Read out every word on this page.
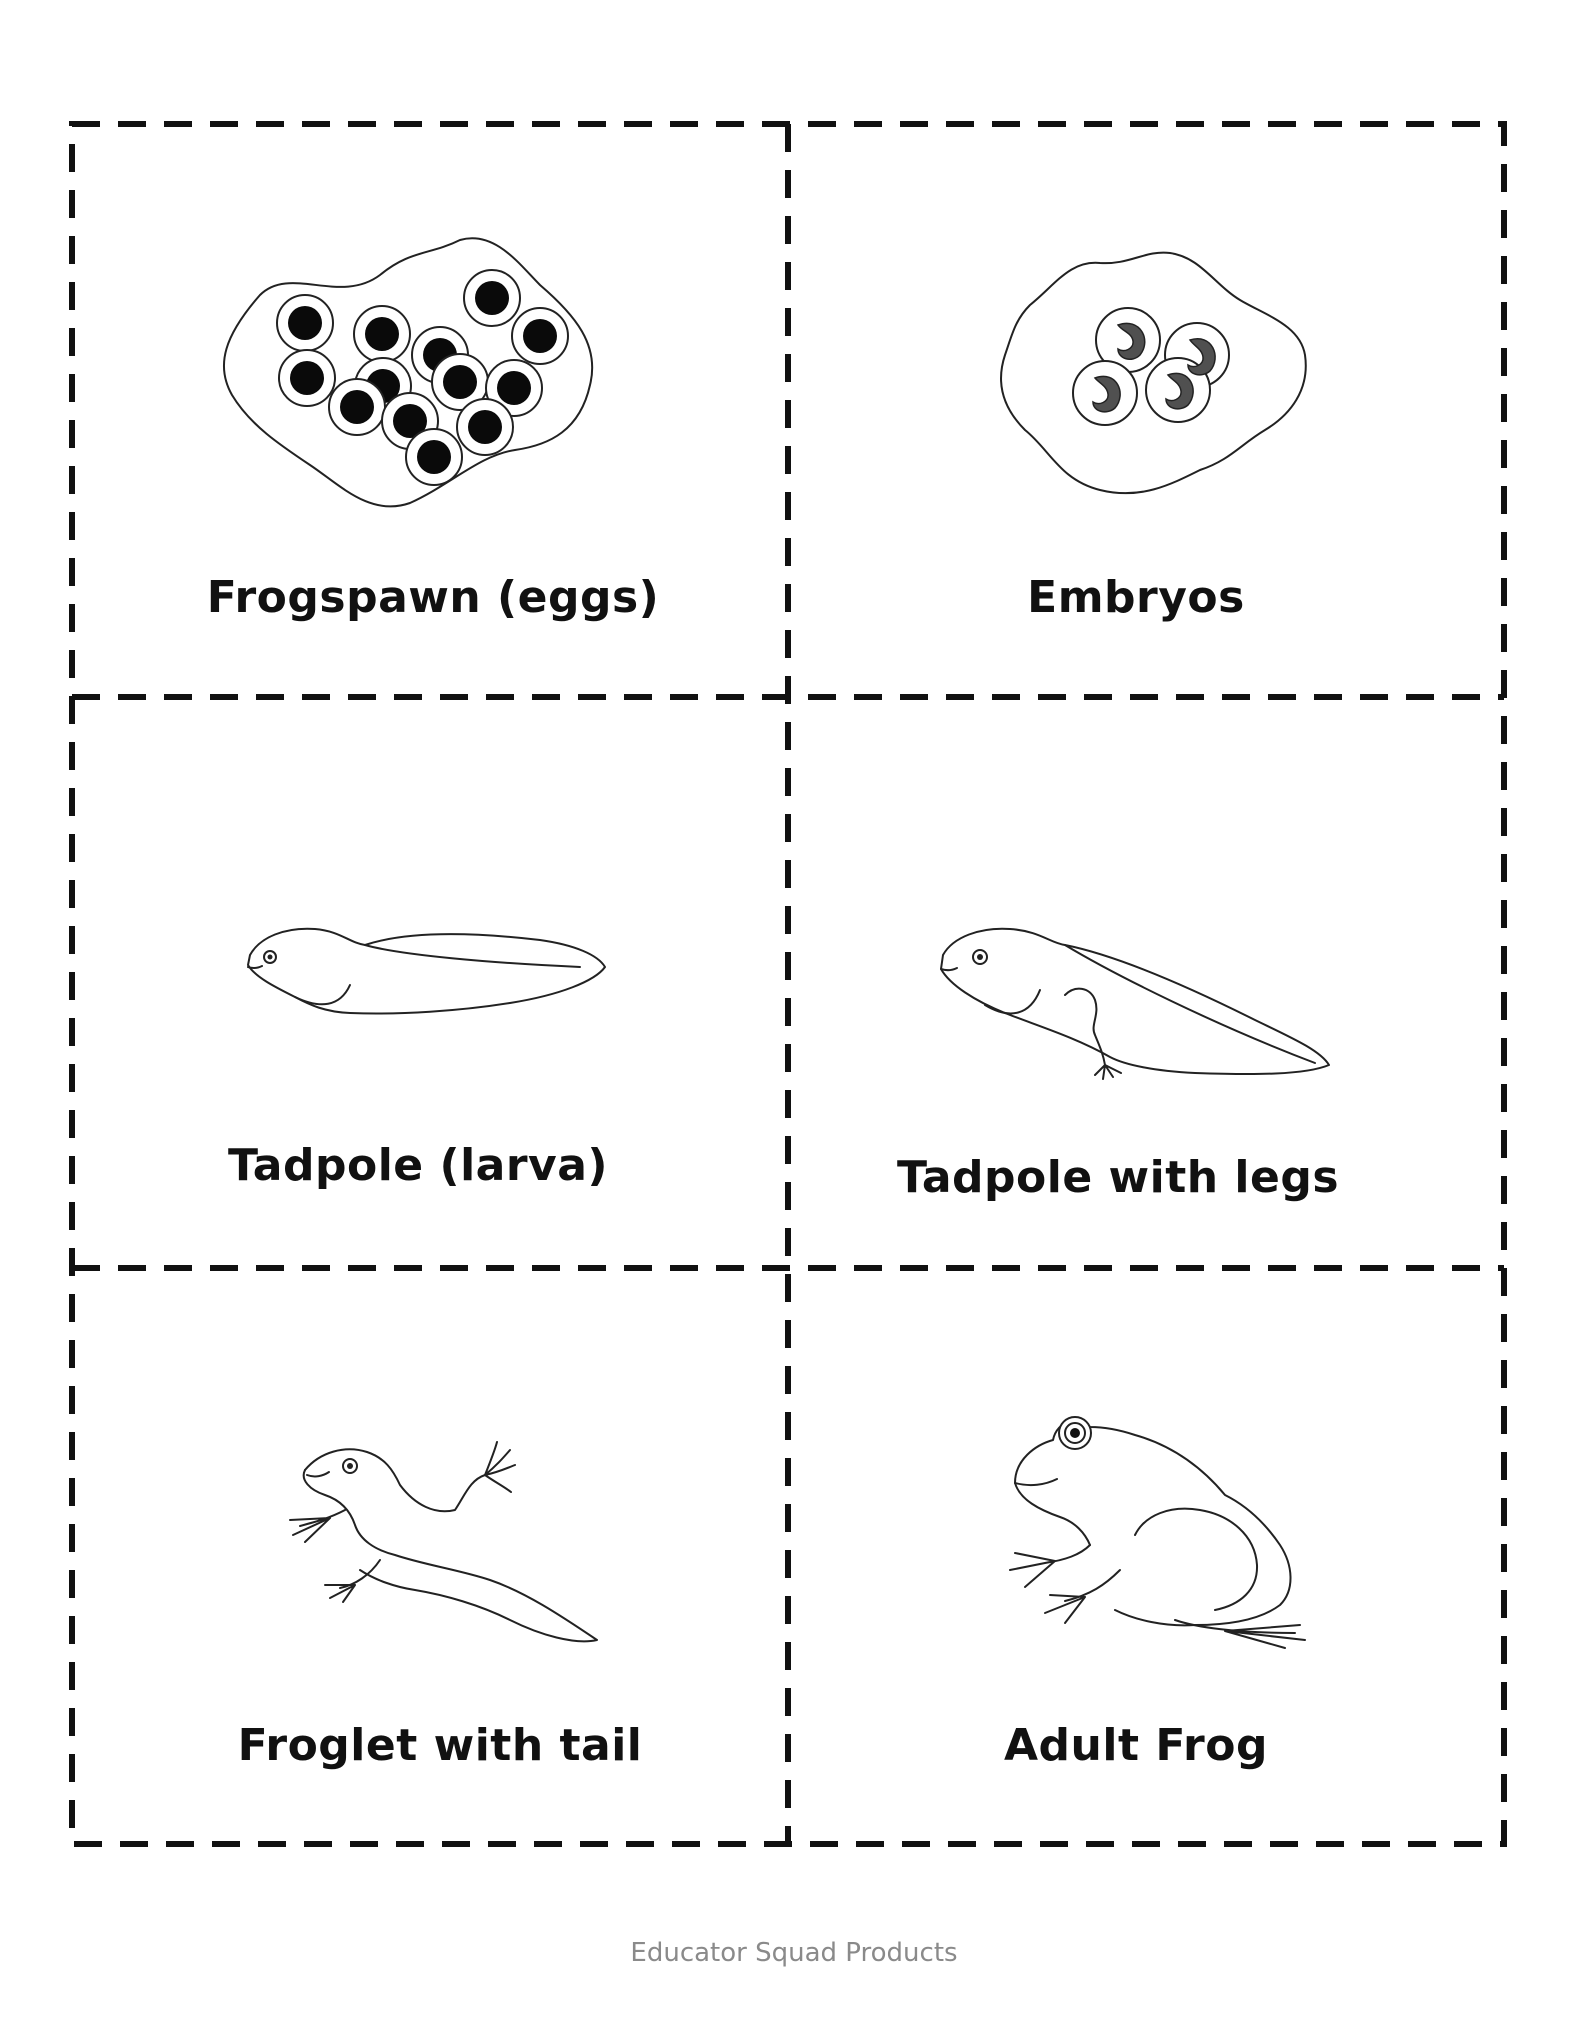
Frogspawn (eggs)	Embryos
Tadpole (larva)	Tadpole with legs
Froglet with tail	Adult Frog
Educator Squad Products
